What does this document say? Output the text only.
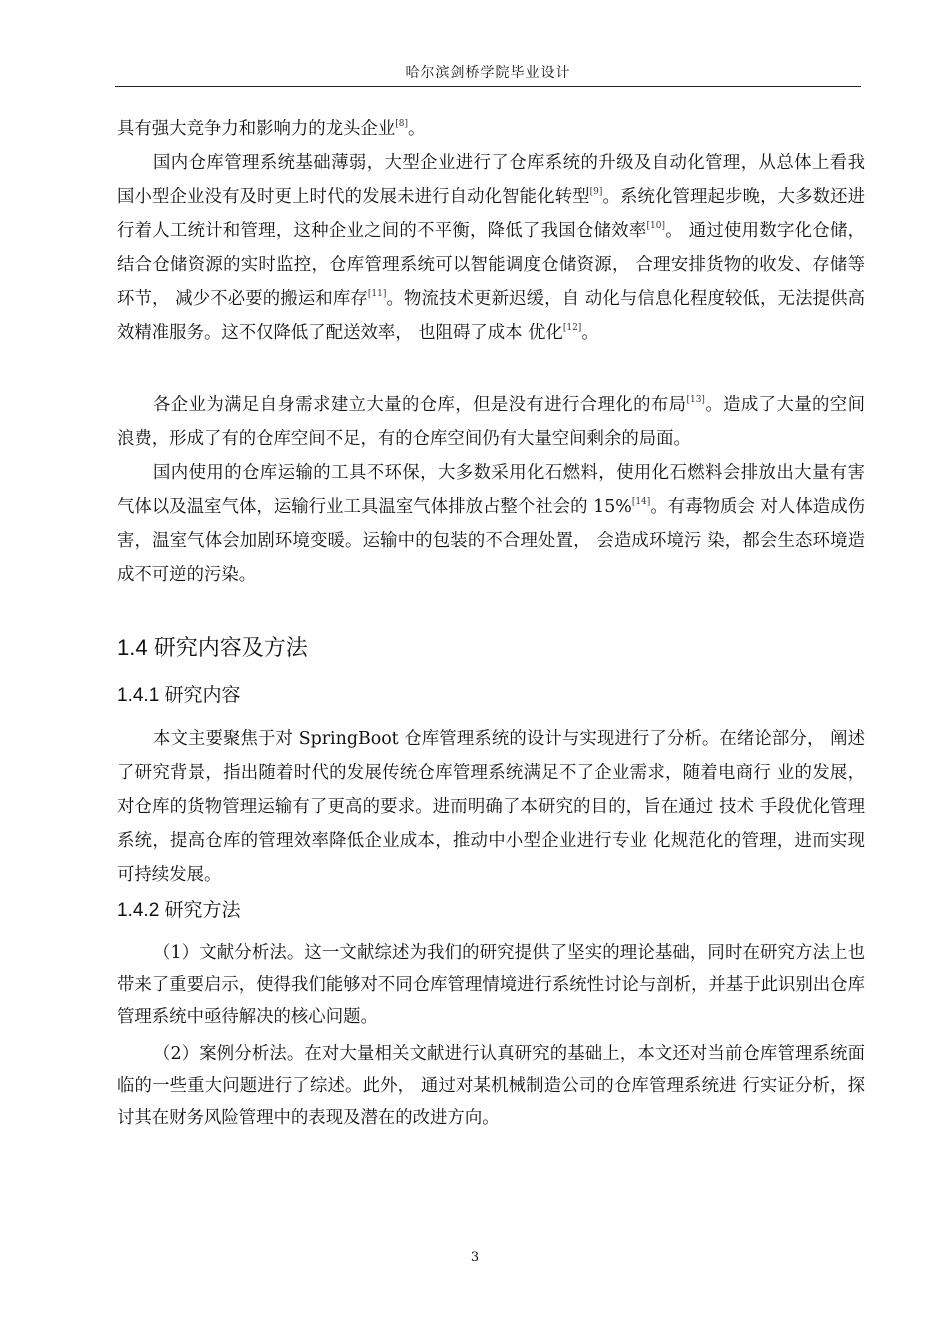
哈尔滨剑桥学院毕业设计

具有强大竞争力和影响力的龙头企业[8]。

国内仓库管理系统基础薄弱，大型企业进行了仓库系统的升级及自动化管理，从总体上看我国小型企业没有及时更上时代的发展未进行自动化智能化转型[9]。系统化管理起步晚，大多数还进行着人工统计和管理，这种企业之间的不平衡，降低了我国仓储效率[10]。 通过使用数字化仓储，结合仓储资源的实时监控，仓库管理系统可以智能调度仓储资源， 合理安排货物的收发、存储等环节， 减少不必要的搬运和库存[11]。物流技术更新迟缓，自 动化与信息化程度较低，无法提供高效精准服务。这不仅降低了配送效率， 也阻碍了成本 优化[12]。

各企业为满足自身需求建立大量的仓库，但是没有进行合理化的布局[13]。造成了大量的空间浪费，形成了有的仓库空间不足，有的仓库空间仍有大量空间剩余的局面。

国内使用的仓库运输的工具不环保，大多数采用化石燃料，使用化石燃料会排放出大量有害气体以及温室气体，运输行业工具温室气体排放占整个社会的 15%[14]。有毒物质会 对人体造成伤害，温室气体会加剧环境变暖。运输中的包装的不合理处置， 会造成环境污 染，都会生态环境造成不可逆的污染。

1.4 研究内容及方法
1.4.1 研究内容

本文主要聚焦于对 SpringBoot 仓库管理系统的设计与实现进行了分析。在绪论部分， 阐述了研究背景，指出随着时代的发展传统仓库管理系统满足不了企业需求，随着电商行 业的发展，对仓库的货物管理运输有了更高的要求。进而明确了本研究的目的，旨在通过 技术 手段优化管理系统，提高仓库的管理效率降低企业成本，推动中小型企业进行专业 化规范化的管理，进而实现可持续发展。

1.4.2 研究方法

（1）文献分析法。这一文献综述为我们的研究提供了坚实的理论基础，同时在研究方法上也带来了重要启示，使得我们能够对不同仓库管理情境进行系统性讨论与剖析，并基于此识别出仓库管理系统中亟待解决的核心问题。

（2）案例分析法。在对大量相关文献进行认真研究的基础上，本文还对当前仓库管理系统面临的一些重大问题进行了综述。此外， 通过对某机械制造公司的仓库管理系统进 行实证分析，探讨其在财务风险管理中的表现及潜在的改进方向。

3
